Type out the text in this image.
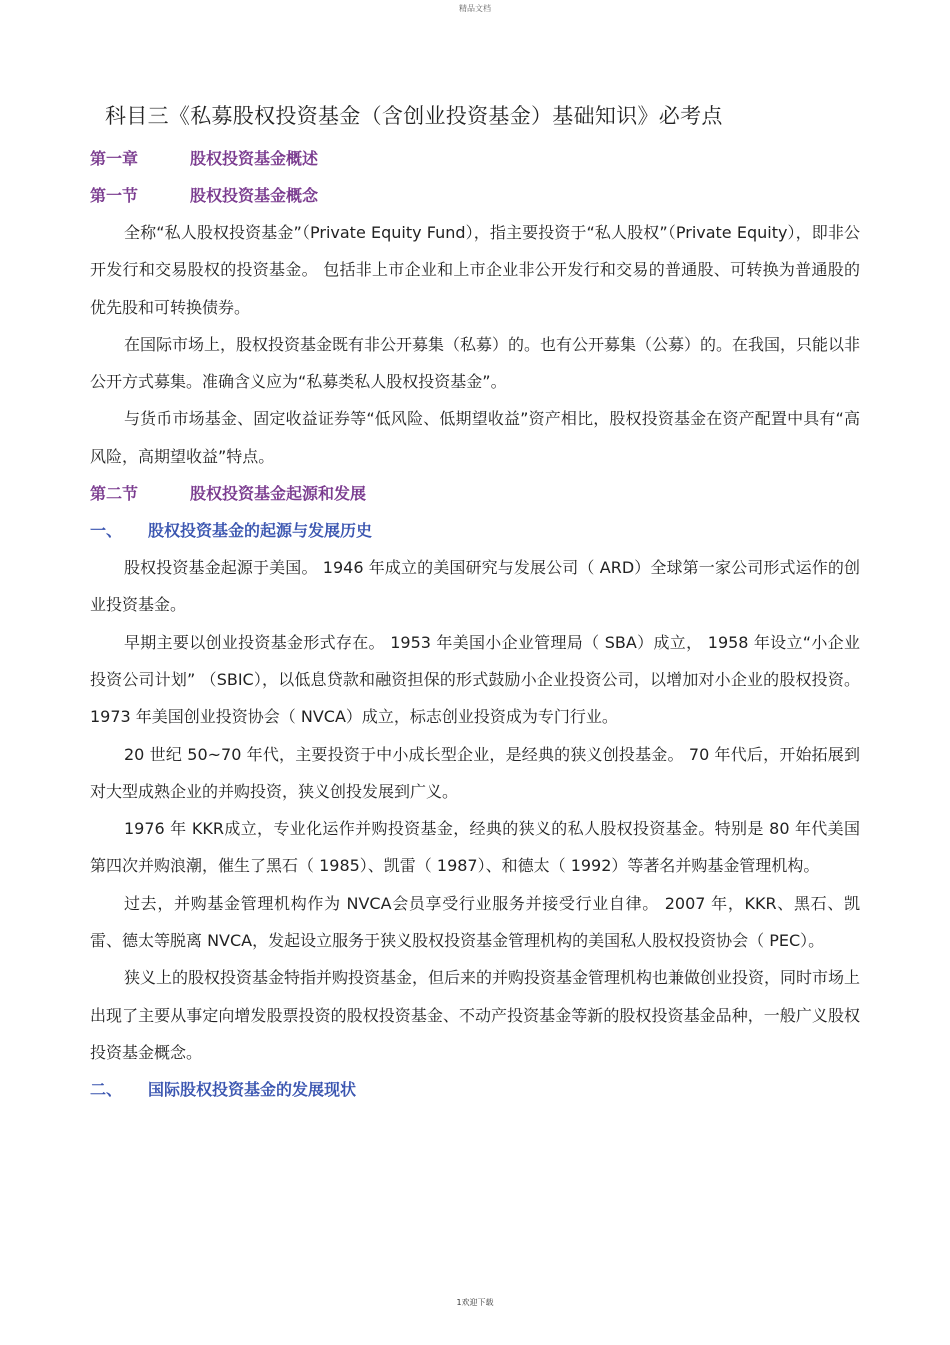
精品文档
科目三《私募股权投资基金（含创业投资基金）基础知识》必考点
第一章	股权投资基金概述
第一节	股权投资基金概念

全称“私人股权投资基金”（Private Equity Fund），指主要投资于“私人股权”（Private Equity），即非公开发行和交易股权的投资基金。 包括非上市企业和上市企业非公开发行和交易的普通股、可转换为普通股的优先股和可转换债券。

在国际市场上，股权投资基金既有非公开募集（私募）的。也有公开募集（公募）的。在我国，只能以非公开方式募集。准确含义应为“私募类私人股权投资基金”。

与货币市场基金、固定收益证券等“低风险、低期望收益”资产相比，股权投资基金在资产配置中具有“高风险，高期望收益”特点。

第二节	股权投资基金起源和发展
一、 股权投资基金的起源与发展历史

股权投资基金起源于美国。 1946 年成立的美国研究与发展公司（ ARD）全球第一家公司形式运作的创业投资基金。

早期主要以创业投资基金形式存在。 1953 年美国小企业管理局（ SBA）成立， 1958 年设立“小企业投资公司计划” （SBIC），以低息贷款和融资担保的形式鼓励小企业投资公司，以增加对小企业的股权投资。 1973 年美国创业投资协会（ NVCA）成立，标志创业投资成为专门行业。

20 世纪 50~70 年代，主要投资于中小成长型企业，是经典的狭义创投基金。 70 年代后，开始拓展到对大型成熟企业的并购投资，狭义创投发展到广义。

1976 年 KKR成立，专业化运作并购投资基金，经典的狭义的私人股权投资基金。特别是 80 年代美国第四次并购浪潮，催生了黑石（ 1985）、凯雷（ 1987）、和德太（ 1992）等著名并购基金管理机构。

过去，并购基金管理机构作为 NVCA会员享受行业服务并接受行业自律。 2007 年，KKR、黑石、凯雷、德太等脱离 NVCA，发起设立服务于狭义股权投资基金管理机构的美国私人股权投资协会（ PEC）。

狭义上的股权投资基金特指并购投资基金，但后来的并购投资基金管理机构也兼做创业投资，同时市场上出现了主要从事定向增发股票投资的股权投资基金、不动产投资基金等新的股权投资基金品种，一般广义股权投资基金概念。

二、 国际股权投资基金的发展现状
1欢迎下载
